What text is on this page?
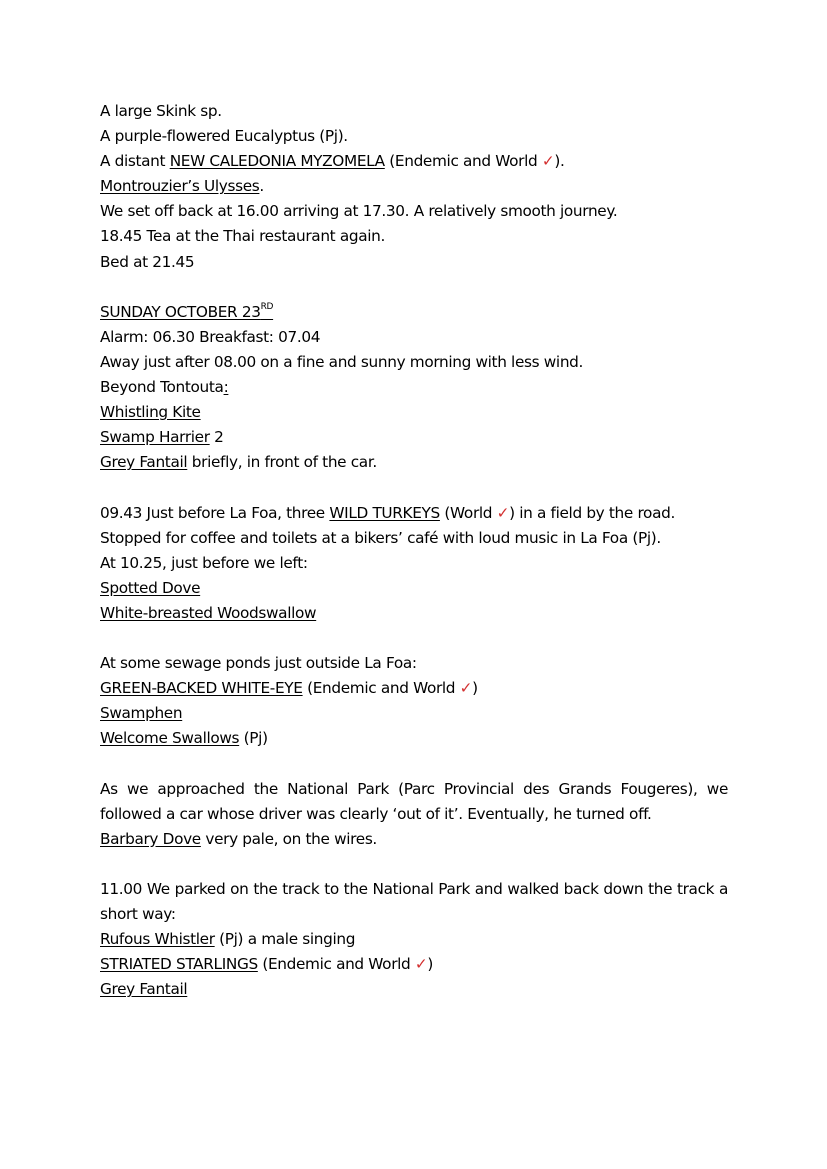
A large Skink sp.
A purple-flowered Eucalyptus (Pj).
A distant NEW CALEDONIA MYZOMELA (Endemic and World ✓).
Montrouzier’s Ulysses.
We set off back at 16.00 arriving at 17.30. A relatively smooth journey.
18.45 Tea at the Thai restaurant again.
Bed at 21.45
SUNDAY OCTOBER 23RD
Alarm: 06.30 Breakfast: 07.04
Away just after 08.00 on a fine and sunny morning with less wind.
Beyond Tontouta:
Whistling Kite
Swamp Harrier 2
Grey Fantail briefly, in front of the car.
09.43 Just before La Foa, three WILD TURKEYS (World ✓) in a field by the road.
Stopped for coffee and toilets at a bikers’ café with loud music in La Foa (Pj).
At 10.25, just before we left:
Spotted Dove
White-breasted Woodswallow
At some sewage ponds just outside La Foa:
GREEN-BACKED WHITE-EYE (Endemic and World ✓)
Swamphen
Welcome Swallows (Pj)
As we approached the National Park (Parc Provincial des Grands Fougeres), we followed a car whose driver was clearly ‘out of it’. Eventually, he turned off.
Barbary Dove very pale, on the wires.
11.00 We parked on the track to the National Park and walked back down the track a short way:
Rufous Whistler (Pj) a male singing
STRIATED STARLINGS (Endemic and World ✓)
Grey Fantail
